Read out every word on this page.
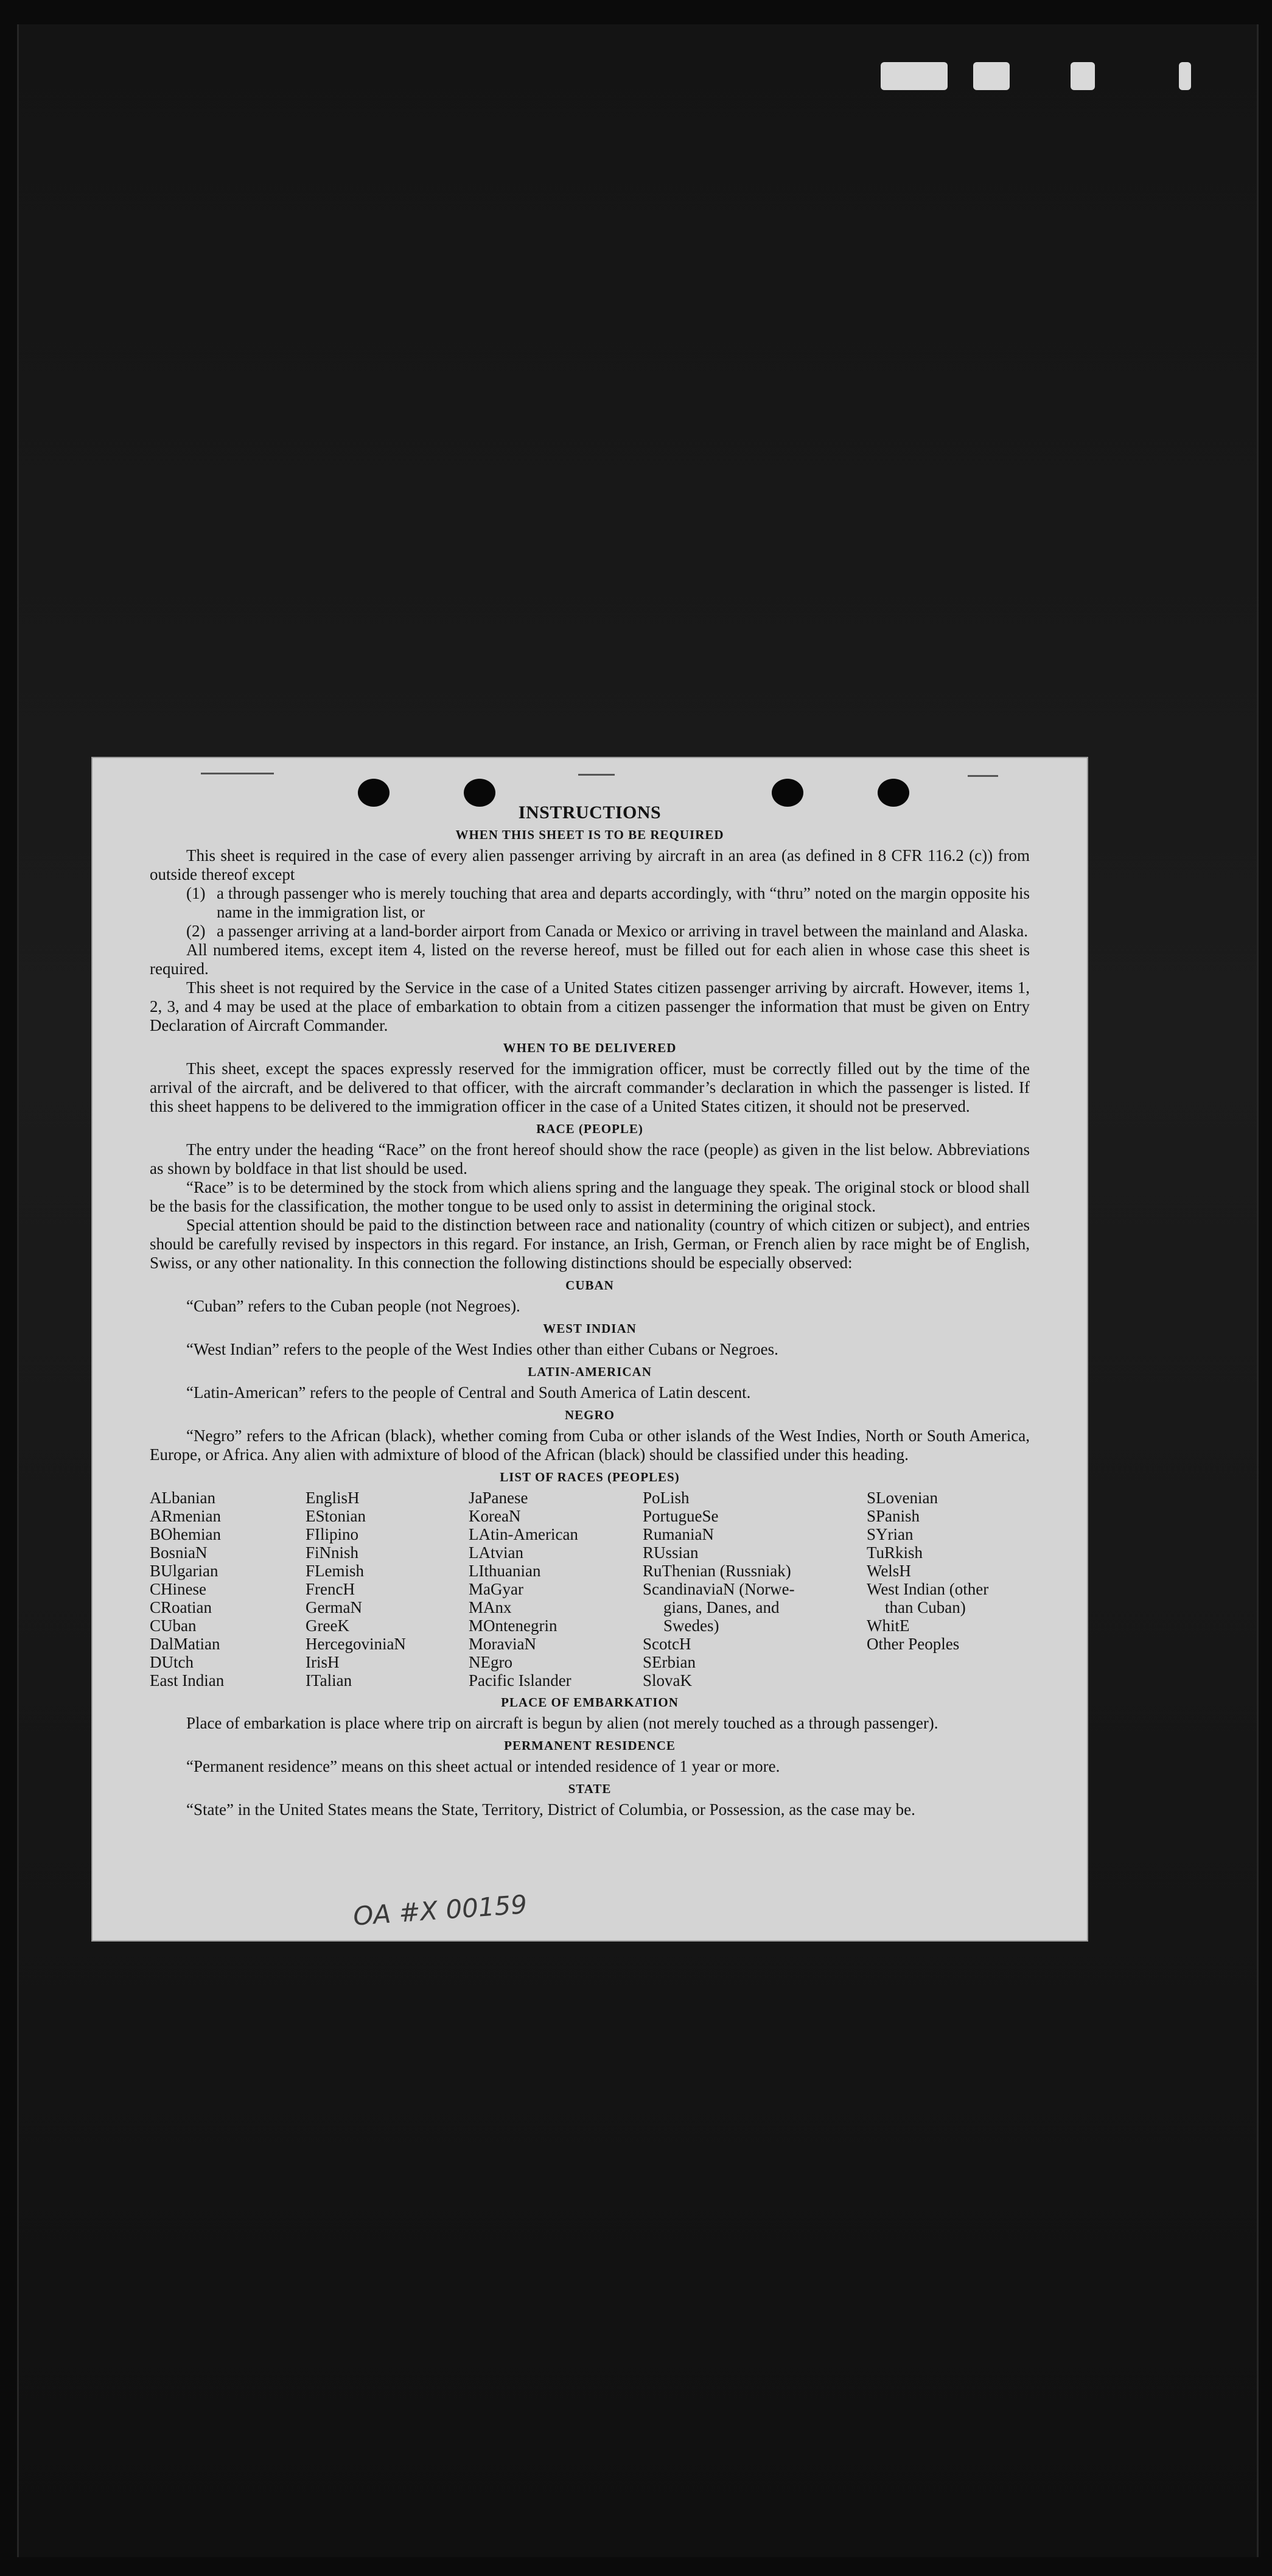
INSTRUCTIONS
WHEN THIS SHEET IS TO BE REQUIRED

This sheet is required in the case of every alien passenger arriving by aircraft in an area (as defined in 8 CFR 116.2 (c)) from outside thereof except

(1) a through passenger who is merely touching that area and departs accordingly, with “thru” noted on the margin opposite his name in the immigration list, or
(2) a passenger arriving at a land-border airport from Canada or Mexico or arriving in travel between the mainland and Alaska.

All numbered items, except item 4, listed on the reverse hereof, must be filled out for each alien in whose case this sheet is required.

This sheet is not required by the Service in the case of a United States citizen passenger arriving by aircraft. However, items 1, 2, 3, and 4 may be used at the place of embarkation to obtain from a citizen passenger the information that must be given on Entry Declaration of Aircraft Commander.

WHEN TO BE DELIVERED

This sheet, except the spaces expressly reserved for the immigration officer, must be correctly filled out by the time of the arrival of the aircraft, and be delivered to that officer, with the aircraft commander’s declaration in which the passenger is listed. If this sheet happens to be delivered to the immigration officer in the case of a United States citizen, it should not be preserved.

RACE (PEOPLE)

The entry under the heading “Race” on the front hereof should show the race (people) as given in the list below. Abbreviations as shown by boldface in that list should be used.

“Race” is to be determined by the stock from which aliens spring and the language they speak. The original stock or blood shall be the basis for the classification, the mother tongue to be used only to assist in determining the original stock.

Special attention should be paid to the distinction between race and nationality (country of which citizen or subject), and entries should be carefully revised by inspectors in this regard. For instance, an Irish, German, or French alien by race might be of English, Swiss, or any other nationality. In this connection the following distinctions should be especially observed:

CUBAN

“Cuban” refers to the Cuban people (not Negroes).

WEST INDIAN

“West Indian” refers to the people of the West Indies other than either Cubans or Negroes.

LATIN-AMERICAN

“Latin-American” refers to the people of Central and South America of Latin descent.

NEGRO

“Negro” refers to the African (black), whether coming from Cuba or other islands of the West Indies, North or South America, Europe, or Africa. Any alien with admixture of blood of the African (black) should be classified under this heading.

LIST OF RACES (PEOPLES)
ALbanian
ARmenian
BOhemian
BosniaN
BUlgarian
CHinese
CRoatian
CUban
DalMatian
DUtch
East Indian
EnglisH
EStonian
FIlipino
FiNnish
FLemish
FrencH
GermaN
GreeK
HercegoviniaN
IrisH
ITalian
JaPanese
KoreaN
LAtin-American
LAtvian
LIthuanian
MaGyar
MAnx
MOntenegrin
MoraviaN
NEgro
Pacific Islander
PoLish
PortugueSe
RumaniaN
RUssian
RuThenian (Russniak)
ScandinaviaN (Norwe-
gians, Danes, and
Swedes)
ScotcH
SErbian
SlovaK
SLovenian
SPanish
SYrian
TuRkish
WelsH
West Indian (other
than Cuban)
WhitE
Other Peoples
PLACE OF EMBARKATION

Place of embarkation is place where trip on aircraft is begun by alien (not merely touched as a through passenger).

PERMANENT RESIDENCE

“Permanent residence” means on this sheet actual or intended residence of 1 year or more.

STATE

“State” in the United States means the State, Territory, District of Columbia, or Possession, as the case may be.

OA #X 00159
